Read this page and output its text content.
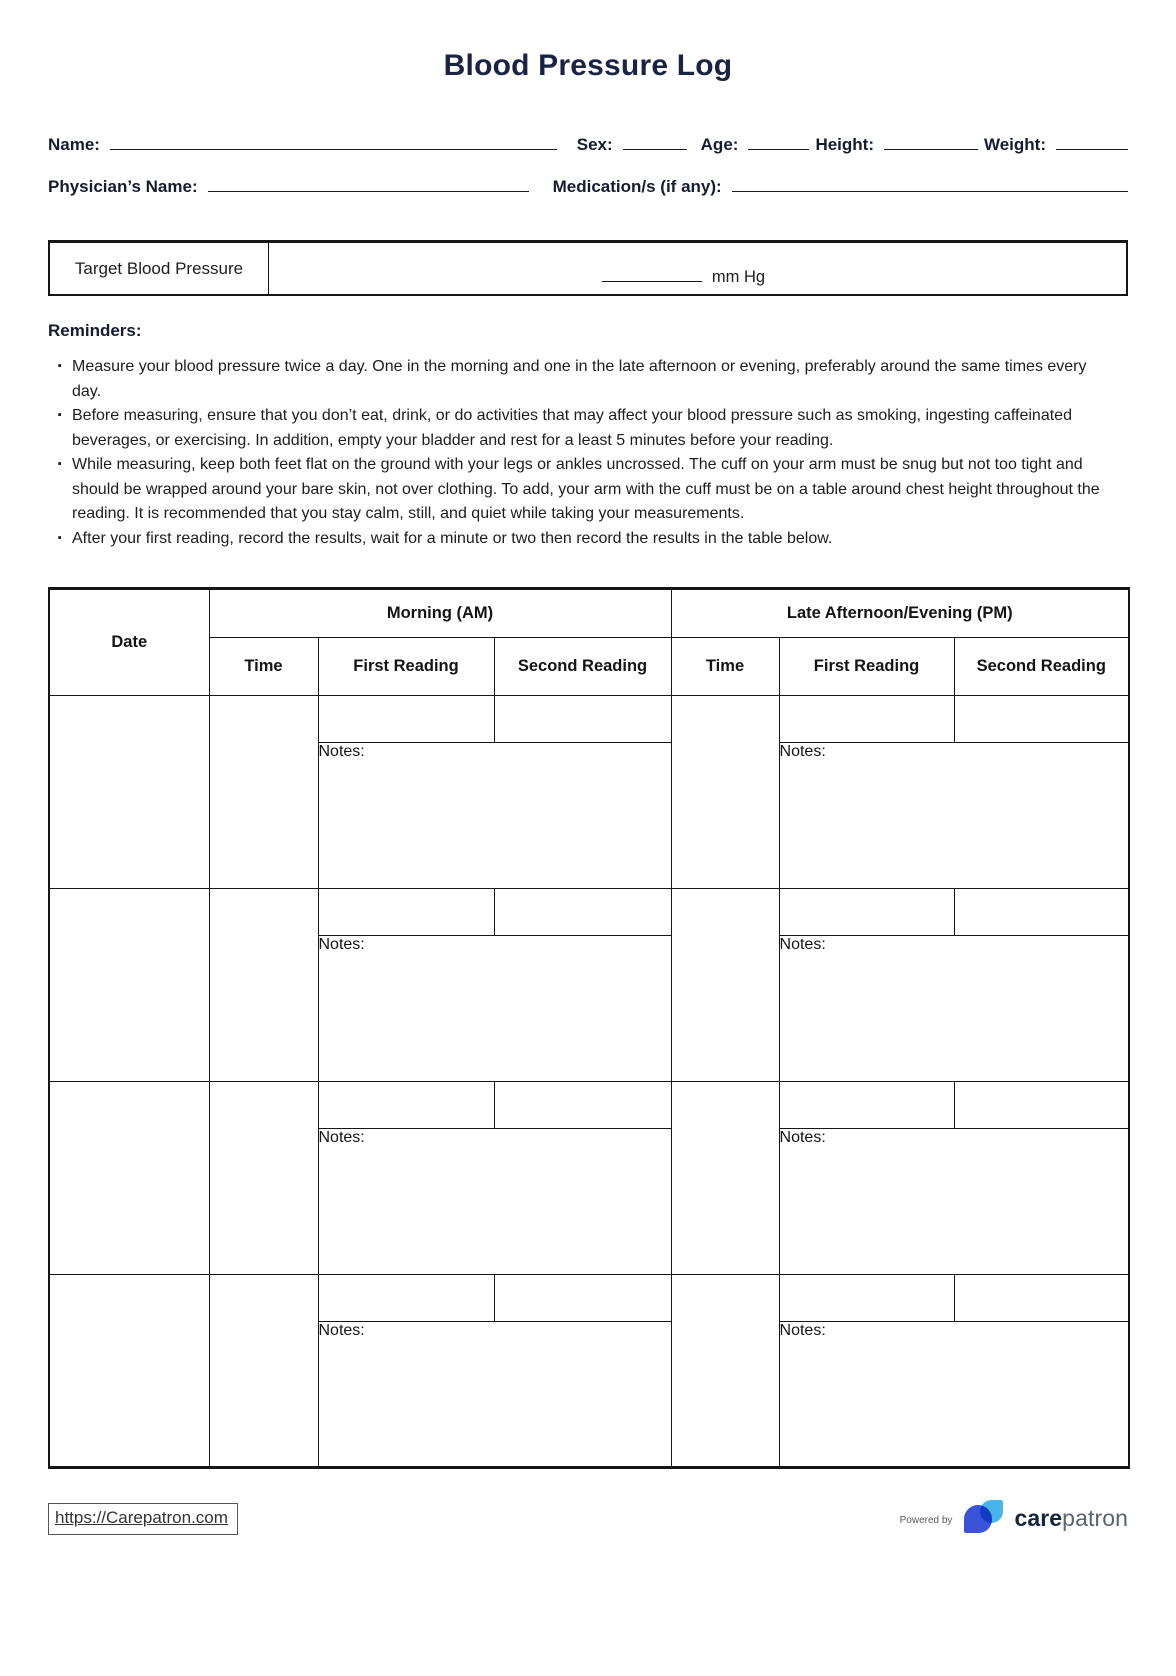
Blood Pressure Log
Name:	Sex:	Age:	Height:	Weight:
Physician’s Name:	Medication/s (if any):
Target Blood Pressure	mm Hg
Reminders:
· Measure your blood pressure twice a day. One in the morning and one in the late afternoon or evening, preferably around the same times every day.
· Before measuring, ensure that you don’t eat, drink, or do activities that may affect your blood pressure such as smoking, ingesting caffeinated beverages, or exercising. In addition, empty your bladder and rest for a least 5 minutes before your reading.
· While measuring, keep both feet flat on the ground with your legs or ankles uncrossed. The cuff on your arm must be snug but not too tight and should be wrapped around your bare skin, not over clothing. To add, your arm with the cuff must be on a table around chest height throughout the reading. It is recommended that you stay calm, still, and quiet while taking your measurements.
· After your first reading, record the results, wait for a minute or two then record the results in the table below.
Date	Morning (AM)			Late Afternoon/Evening (PM)		
	Time	First Reading	Second Reading	Time	First Reading	Second Reading

		Notes:			Notes:	

		Notes:			Notes:	

		Notes:			Notes:	

		Notes:			Notes:	
https://Carepatron.com	Powered by	carepatron
